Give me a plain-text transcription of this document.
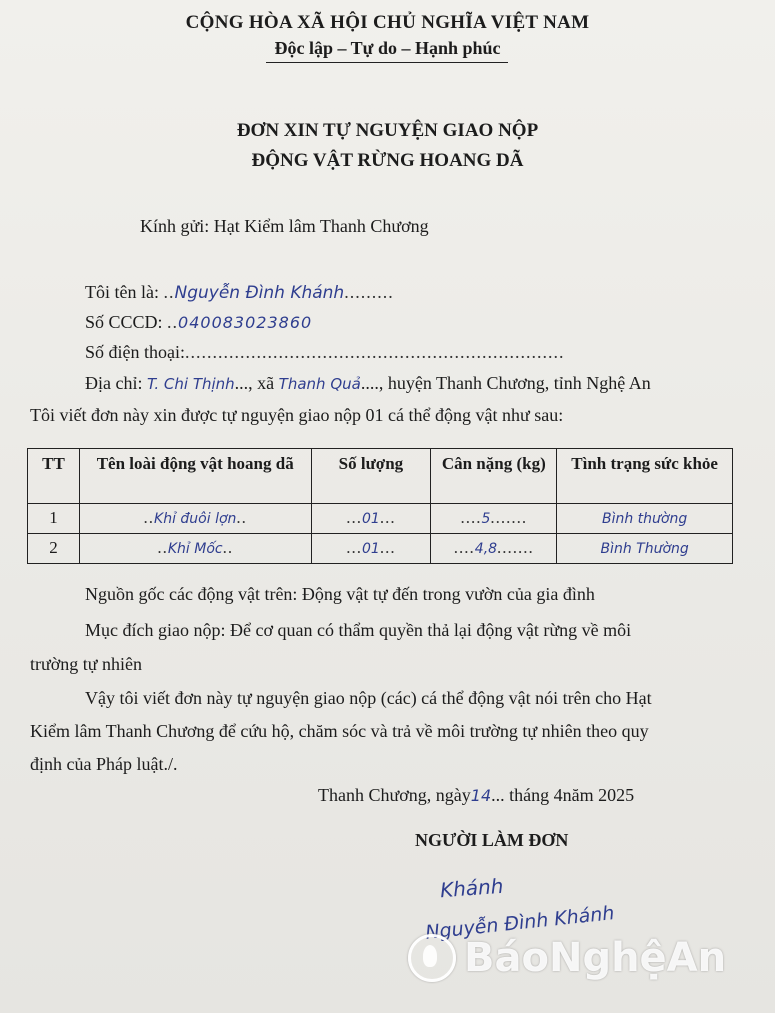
CỘNG HÒA XÃ HỘI CHỦ NGHĨA VIỆT NAM
Độc lập – Tự do – Hạnh phúc
ĐƠN XIN TỰ NGUYỆN GIAO NỘP
ĐỘNG VẬT RỪNG HOANG DÃ
Kính gửi: Hạt Kiểm lâm Thanh Chương
Tôi tên là: ..Nguyễn Đình Khánh.........
Số CCCD: ..040083023860
Số điện thoại:.....................................................................
Địa chỉ: T. Chi Thịnh..., xã Thanh Quả...., huyện Thanh Chương, tỉnh Nghệ An
Tôi viết đơn này xin được tự nguyện giao nộp 01 cá thể động vật như sau:
TT	Tên loài động vật hoang dã	Số lượng	Cân nặng (kg)	Tình trạng sức khỏe
1	..Khỉ đuôi lợn..	...01...	....5.......	Bình thường
2	..Khỉ Mốc..	...01...	....4,8.......	Bình Thường
Nguồn gốc các động vật trên: Động vật tự đến trong vườn của gia đình
Mục đích giao nộp: Để cơ quan có thẩm quyền thả lại động vật rừng về môi
trường tự nhiên
Vậy tôi viết đơn này tự nguyện giao nộp (các) cá thể động vật nói trên cho Hạt
Kiểm lâm Thanh Chương để cứu hộ, chăm sóc và trả về môi trường tự nhiên theo quy
định của Pháp luật./.
Thanh Chương, ngày14... tháng 4năm 2025
NGƯỜI LÀM ĐƠN
Khánh
Nguyễn Đình Khánh
BáoNghệAn
